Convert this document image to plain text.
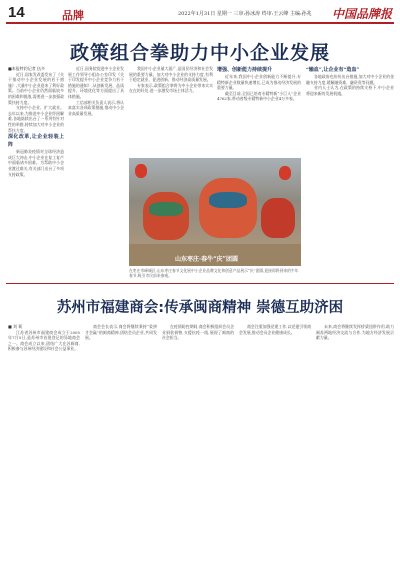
14	品牌	2022年1月31日 星期一 三审:孙冰涛 终审:王云峰 主编:孙兆 中国品牌报
政策组合拳助力中小企业发展
■本报特约记者 伍多

近日,国家发改委发布了《关于推动中小企业发展的若干措施》,大量中小企业迎来了利好政策。当前中小企业仍然面临较多的困难和挑战,需要进一步加强政策扶持力度。

支持中小企业、扩大就业。去年以来,为推进中小企业纾困解难,各地陆续出台了一系列有针对性的举措,持续加大对中小企业的帮扶力度。

深化改革,让企业轻装上阵

新冠肺炎疫情对全球经济造成巨大冲击,中小企业在复工复产中面临诸多困难。为帮助中小企业渡过难关,有关部门出台了多项支持政策。

近日,国务院促进中小企业发展工作领导小组办公室印发《关于印发提升中小企业竞争力若干措施的通知》,从创新发展、品质提升、环境优化等方面提出了具体措施。

工信部相关负责人表示,将认真落实各项政策措施,推动中小企业高质量发展。

我国中小企业量大面广,是国民经济和社会发展的重要力量。加大对中小企业的支持力度,有利于稳定就业、促进创新、推动经济高质量发展。

专家表示,政策组合拳将为中小企业带来实实在在的好处,进一步激发市场主体活力。

增强、创新能力持续提升

近年来,我国中小企业创新能力不断提升,专精特新企业数量快速增长,已成为推动经济发展的重要力量。

截至目前,全国已培育专精特新“小巨人”企业4762家,带动省级专精特新中小企业4万多家。

“输血”,让企业有“造血”

各地政府也纷纷出台措施,加大对中小企业的金融支持力度,缓解融资难、融资贵等问题。

业内人士认为,在政策的持续支持下,中小企业将迎来新的发展机遇。

山东枣庄·春牛“庆”团圆
在枣庄市峄城区,山东枣庄春节文化展中小企业品牌文化和创意产品展示“庆”团圆,迎接即将到来的牛年春节,吸引市民前来参观。
苏州市福建商会:传承闽商精神 崇德互助济困
■ 刘 莉

江苏省苏州市福建商会成立于2005年7月5日,是苏州市首批登记的异地商会之一。商会成立以来,团结广大在苏闽商,积极参与苏州经济建设和社会公益事业。

商会会长表示,商会将继续秉持“爱拼才会赢”的闽商精神,团结会员企业,共同发展。

在疫情防控期间,商会积极组织会员企业捐款捐物,支援抗疫一线,展现了闽商的社会担当。

商会注重加强党建工作,以党建引领商会发展,推动会员企业健康成长。

未来,商会将继续发挥桥梁纽带作用,助力闽苏两地经济交流与合作,为地方经济发展贡献力量。
